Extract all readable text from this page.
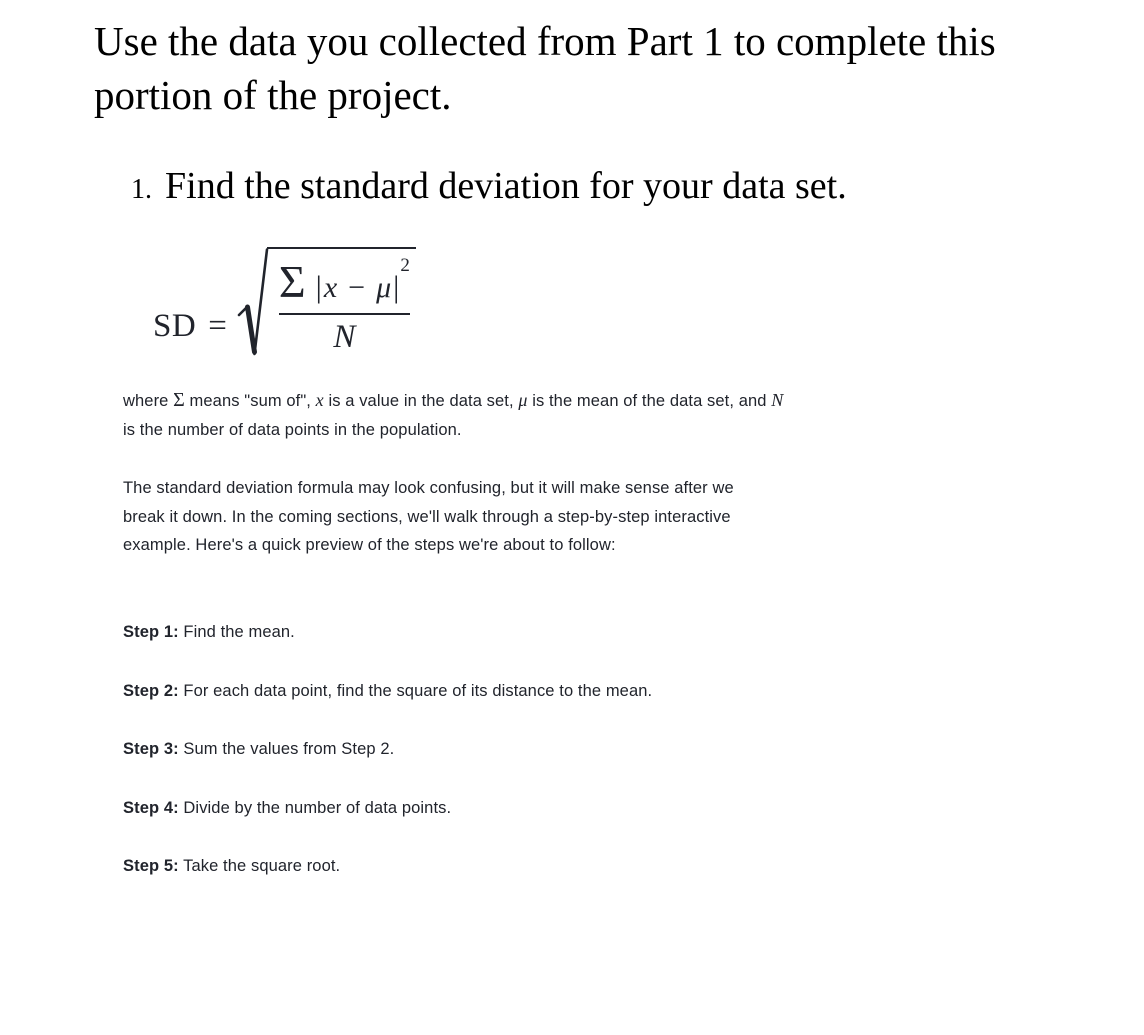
Use the data you collected from Part 1 to complete this portion of the project.
1. Find the standard deviation for your data set.
SD = Σ | x − μ |
2
N

where Σ means "sum of", x is a value in the data set, μ is the mean of the data set, and N is the number of data points in the population.

The standard deviation formula may look confusing, but it will make sense after we break it down. In the coming sections, we'll walk through a step-by-step interactive example. Here's a quick preview of the steps we're about to follow:

Step 1: Find the mean.

Step 2: For each data point, find the square of its distance to the mean.

Step 3: Sum the values from Step 2.

Step 4: Divide by the number of data points.

Step 5: Take the square root.
